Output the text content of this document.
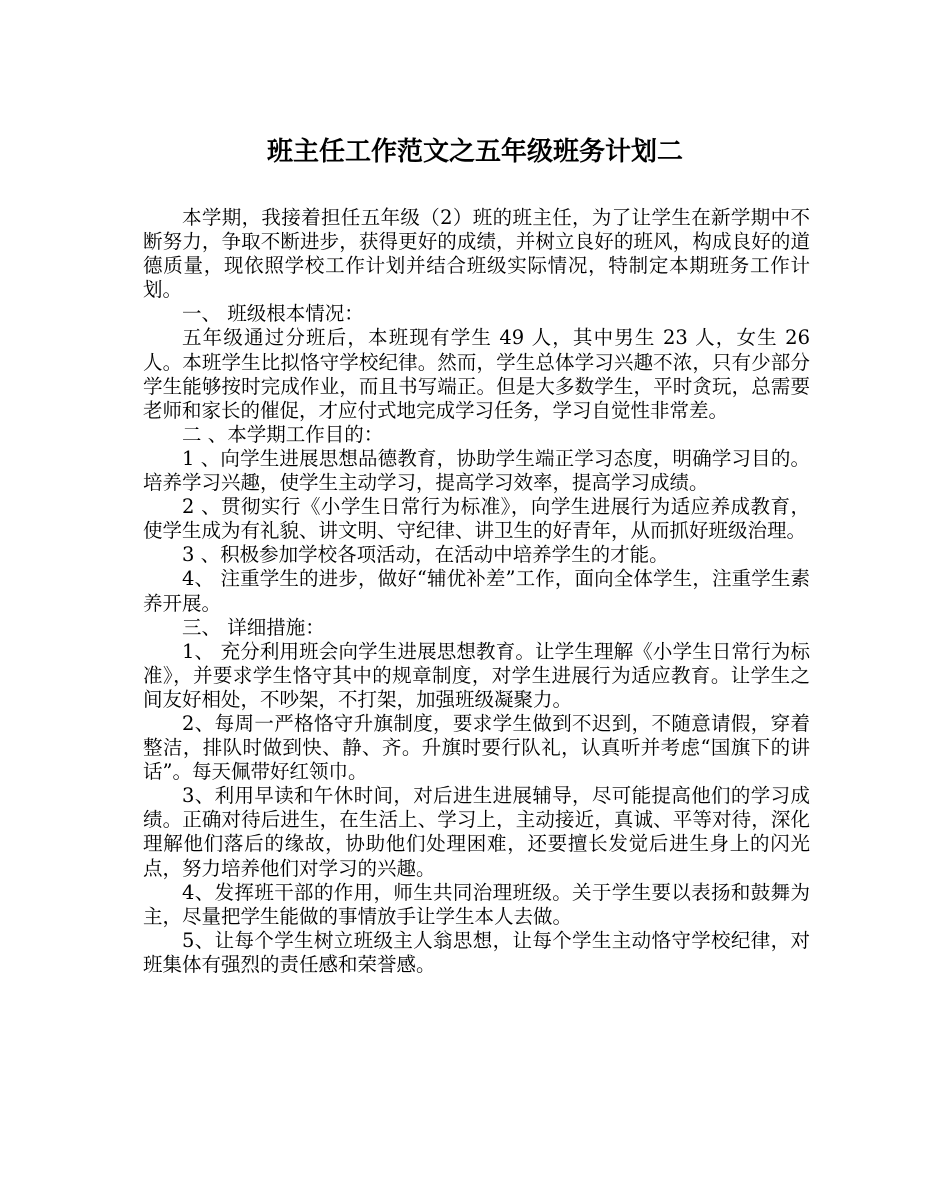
班主任工作范文之五年级班务计划二

本学期，我接着担任五年级（2）班的班主任，为了让学生在新学期中不断努力，争取不断进步，获得更好的成绩，并树立良好的班风，构成良好的道德质量，现依照学校工作计划并结合班级实际情况，特制定本期班务工作计划。

一、 班级根本情况：

五年级通过分班后，本班现有学生 49 人，其中男生 23 人，女生 26 人。本班学生比拟恪守学校纪律。然而，学生总体学习兴趣不浓，只有少部分学生能够按时完成作业，而且书写端正。但是大多数学生，平时贪玩，总需要老师和家长的催促，才应付式地完成学习任务，学习自觉性非常差。

二 、本学期工作目的：

1 、向学生进展思想品德教育，协助学生端正学习态度，明确学习目的。培养学习兴趣，使学生主动学习，提高学习效率，提高学习成绩。

2 、贯彻实行《小学生日常行为标准》，向学生进展行为适应养成教育，使学生成为有礼貌、讲文明、守纪律、讲卫生的好青年，从而抓好班级治理。

3 、积极参加学校各项活动，在活动中培养学生的才能。

4、 注重学生的进步，做好“辅优补差”工作，面向全体学生，注重学生素养开展。

三、 详细措施：

1、 充分利用班会向学生进展思想教育。让学生理解《小学生日常行为标准》，并要求学生恪守其中的规章制度，对学生进展行为适应教育。让学生之间友好相处，不吵架，不打架，加强班级凝聚力。

2、每周一严格恪守升旗制度，要求学生做到不迟到，不随意请假，穿着整洁，排队时做到快、静、齐。升旗时要行队礼，认真听并考虑“国旗下的讲话”。每天佩带好红领巾。

3、利用早读和午休时间，对后进生进展辅导，尽可能提高他们的学习成绩。正确对待后进生，在生活上、学习上，主动接近，真诚、平等对待，深化理解他们落后的缘故，协助他们处理困难，还要擅长发觉后进生身上的闪光点，努力培养他们对学习的兴趣。

4、发挥班干部的作用，师生共同治理班级。关于学生要以表扬和鼓舞为主，尽量把学生能做的事情放手让学生本人去做。

5、让每个学生树立班级主人翁思想，让每个学生主动恪守学校纪律，对班集体有强烈的责任感和荣誉感。
